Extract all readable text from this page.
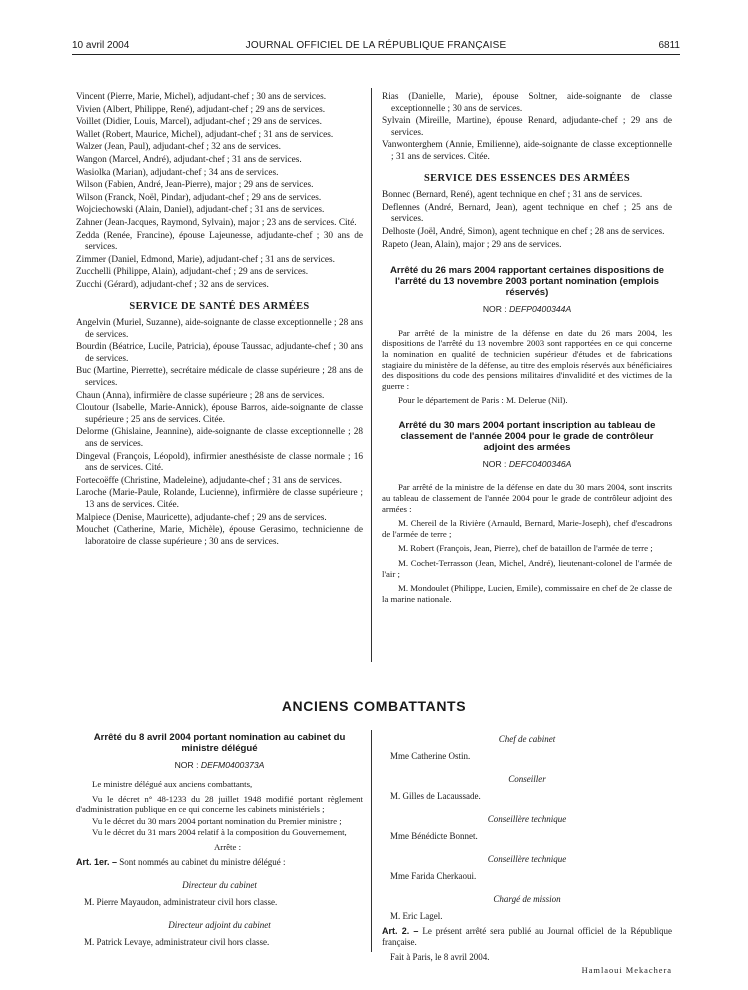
10 avril 2004	JOURNAL OFFICIEL DE LA RÉPUBLIQUE FRANÇAISE	6811

Vincent (Pierre, Marie, Michel), adjudant-chef ; 30 ans de services.

Vivien (Albert, Philippe, René), adjudant-chef ; 29 ans de services.

Voillet (Didier, Louis, Marcel), adjudant-chef ; 29 ans de services.

Wallet (Robert, Maurice, Michel), adjudant-chef ; 31 ans de services.

Walzer (Jean, Paul), adjudant-chef ; 32 ans de services.

Wangon (Marcel, André), adjudant-chef ; 31 ans de services.

Wasiolka (Marian), adjudant-chef ; 34 ans de services.

Wilson (Fabien, André, Jean-Pierre), major ; 29 ans de services.

Wilson (Franck, Noël, Pindar), adjudant-chef ; 29 ans de services.

Wojciechowski (Alain, Daniel), adjudant-chef ; 31 ans de services.

Zahner (Jean-Jacques, Raymond, Sylvain), major ; 23 ans de services. Cité.

Zedda (Renée, Francine), épouse Lajeunesse, adjudante-chef ; 30 ans de services.

Zimmer (Daniel, Edmond, Marie), adjudant-chef ; 31 ans de services.

Zucchelli (Philippe, Alain), adjudant-chef ; 29 ans de services.

Zucchi (Gérard), adjudant-chef ; 32 ans de services.

SERVICE DE SANTÉ DES ARMÉES

Angelvin (Muriel, Suzanne), aide-soignante de classe exceptionnelle ; 28 ans de services.

Bourdin (Béatrice, Lucile, Patricia), épouse Taussac, adjudante-chef ; 30 ans de services.

Buc (Martine, Pierrette), secrétaire médicale de classe supérieure ; 28 ans de services.

Chaun (Anna), infirmière de classe supérieure ; 28 ans de services.

Cloutour (Isabelle, Marie-Annick), épouse Barros, aide-soignante de classe supérieure ; 25 ans de services. Citée.

Delorme (Ghislaine, Jeannine), aide-soignante de classe exceptionnelle ; 28 ans de services.

Dingeval (François, Léopold), infirmier anesthésiste de classe normale ; 16 ans de services. Cité.

Fortecoëffe (Christine, Madeleine), adjudante-chef ; 31 ans de services.

Laroche (Marie-Paule, Rolande, Lucienne), infirmière de classe supérieure ; 13 ans de services. Citée.

Malpiece (Denise, Mauricette), adjudante-chef ; 29 ans de services.

Mouchet (Catherine, Marie, Michèle), épouse Gerasimo, technicienne de laboratoire de classe supérieure ; 30 ans de services.

Rias (Danielle, Marie), épouse Soltner, aide-soignante de classe exceptionnelle ; 30 ans de services.

Sylvain (Mireille, Martine), épouse Renard, adjudante-chef ; 29 ans de services.

Vanwonterghem (Annie, Emilienne), aide-soignante de classe exceptionnelle ; 31 ans de services. Citée.

SERVICE DES ESSENCES DES ARMÉES

Bonnec (Bernard, René), agent technique en chef ; 31 ans de services.

Deflennes (André, Bernard, Jean), agent technique en chef ; 25 ans de services.

Delhoste (Joël, André, Simon), agent technique en chef ; 28 ans de services.

Rapeto (Jean, Alain), major ; 29 ans de services.

Arrêté du 26 mars 2004 rapportant certaines dispositions de l'arrêté du 13 novembre 2003 portant nomination (emplois réservés)
NOR : DEFP0400344A

Par arrêté de la ministre de la défense en date du 26 mars 2004, les dispositions de l'arrêté du 13 novembre 2003 sont rapportées en ce qui concerne la nomination en qualité de technicien supérieur d'études et de fabrications stagiaire du ministère de la défense, au titre des emplois réservés aux bénéficiaires des dispositions du code des pensions militaires d'invalidité et des victimes de la guerre :

Pour le département de Paris : M. Delerue (Nil).

Arrêté du 30 mars 2004 portant inscription au tableau de classement de l'année 2004 pour le grade de contrôleur adjoint des armées
NOR : DEFC0400346A

Par arrêté de la ministre de la défense en date du 30 mars 2004, sont inscrits au tableau de classement de l'année 2004 pour le grade de contrôleur adjoint des armées :

M. Chereil de la Rivière (Arnauld, Bernard, Marie-Joseph), chef d'escadrons de l'armée de terre ;

M. Robert (François, Jean, Pierre), chef de bataillon de l'armée de terre ;

M. Cochet-Terrasson (Jean, Michel, André), lieutenant-colonel de l'armée de l'air ;

M. Mondoulet (Philippe, Lucien, Emile), commissaire en chef de 2e classe de la marine nationale.

ANCIENS COMBATTANTS
Arrêté du 8 avril 2004 portant nomination au cabinet du ministre délégué
NOR : DEFM0400373A

Le ministre délégué aux anciens combattants,

Vu le décret n° 48-1233 du 28 juillet 1948 modifié portant règlement d'administration publique en ce qui concerne les cabinets ministériels ;

Vu le décret du 30 mars 2004 portant nomination du Premier ministre ;

Vu le décret du 31 mars 2004 relatif à la composition du Gouvernement,

Arrête :

Art. 1er. – Sont nommés au cabinet du ministre délégué :

Directeur du cabinet
M. Pierre Mayaudon, administrateur civil hors classe.
Directeur adjoint du cabinet
M. Patrick Levaye, administrateur civil hors classe.
Chef de cabinet
Mme Catherine Ostin.
Conseiller
M. Gilles de Lacaussade.
Conseillère technique
Mme Bénédicte Bonnet.
Conseillère technique
Mme Farida Cherkaoui.
Chargé de mission
M. Eric Lagel.

Art. 2. – Le présent arrêté sera publié au Journal officiel de la République française.

Fait à Paris, le 8 avril 2004.
Hamlaoui Mekachera
